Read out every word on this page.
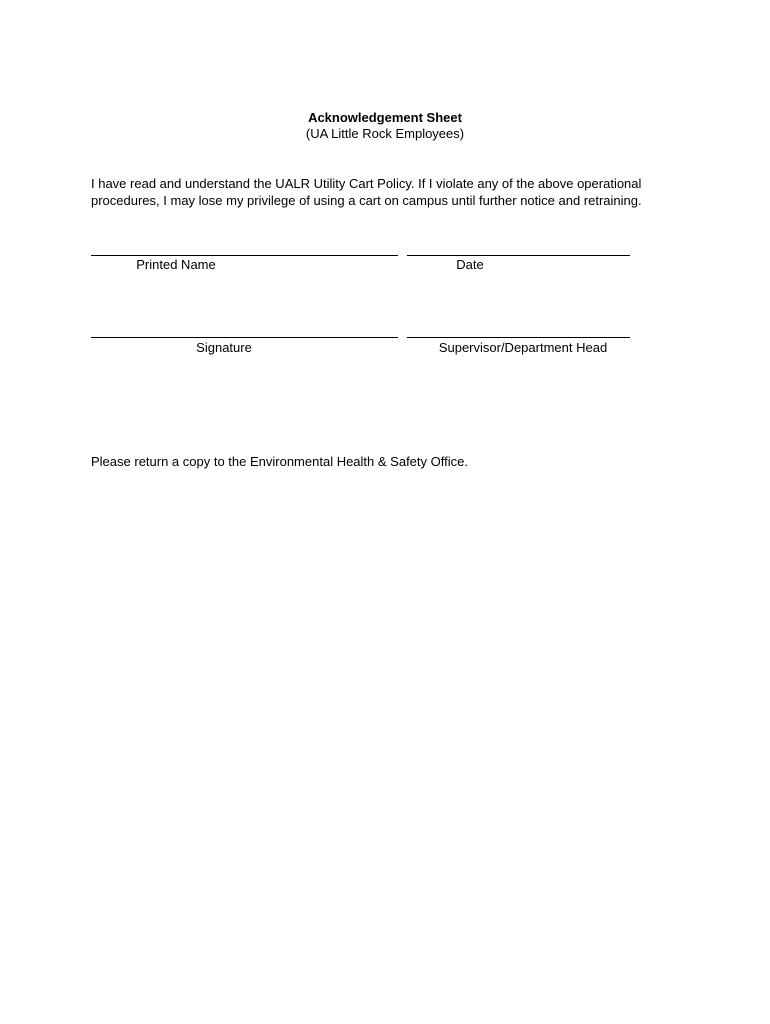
Acknowledgement Sheet
(UA Little Rock Employees)
I have read and understand the UALR Utility Cart Policy. If I violate any of the above operational procedures, I may lose my privilege of using a cart on campus until further notice and retraining.
Printed Name	Date
Signature	Supervisor/Department Head
Please return a copy to the Environmental Health & Safety Office.
